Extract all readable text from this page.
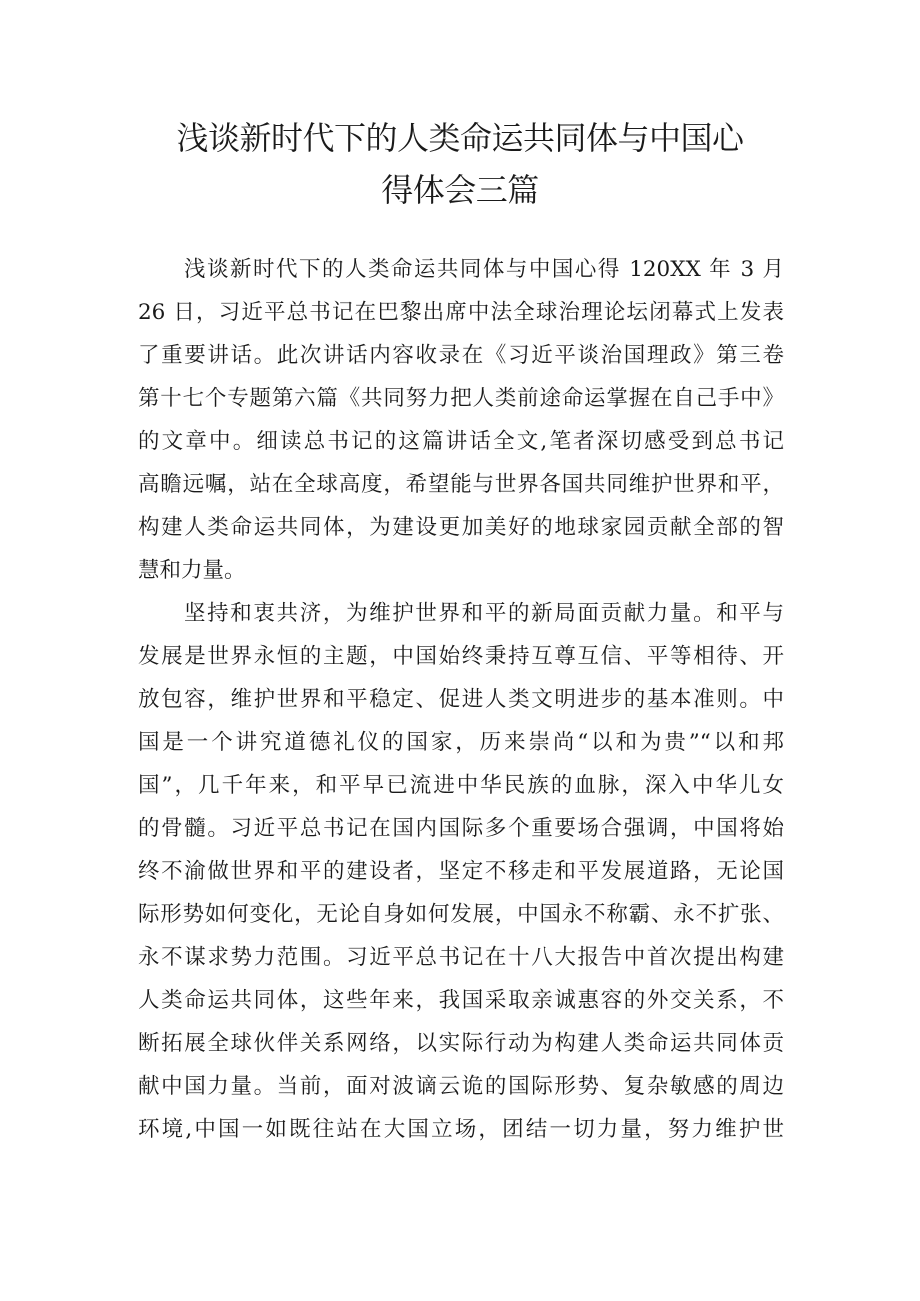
浅谈新时代下的人类命运共同体与中国心
得体会三篇
浅谈新时代下的人类命运共同体与中国心得 120XX 年 3 月
26 日，习近平总书记在巴黎出席中法全球治理论坛闭幕式上发表
了重要讲话。此次讲话内容收录在《习近平谈治国理政》第三卷
第十七个专题第六篇《共同努力把人类前途命运掌握在自己手中》
的文章中。细读总书记的这篇讲话全文,笔者深切感受到总书记
高瞻远嘱，站在全球高度，希望能与世界各国共同维护世界和平，
构建人类命运共同体，为建设更加美好的地球家园贡献全部的智
慧和力量。
坚持和衷共济，为维护世界和平的新局面贡献力量。和平与
发展是世界永恒的主题，中国始终秉持互尊互信、平等相待、开
放包容，维护世界和平稳定、促进人类文明进步的基本准则。中
国是一个讲究道德礼仪的国家，历来崇尚“以和为贵”“以和邦
国”，几千年来，和平早已流进中华民族的血脉，深入中华儿女
的骨髓。习近平总书记在国内国际多个重要场合强调，中国将始
终不渝做世界和平的建设者，坚定不移走和平发展道路，无论国
际形势如何变化，无论自身如何发展，中国永不称霸、永不扩张、
永不谋求势力范围。习近平总书记在十八大报告中首次提出构建
人类命运共同体，这些年来，我国采取亲诚惠容的外交关系，不
断拓展全球伙伴关系网络，以实际行动为构建人类命运共同体贡
献中国力量。当前，面对波谪云诡的国际形势、复杂敏感的周边
环境,中国一如既往站在大国立场，团结一切力量，努力维护世
